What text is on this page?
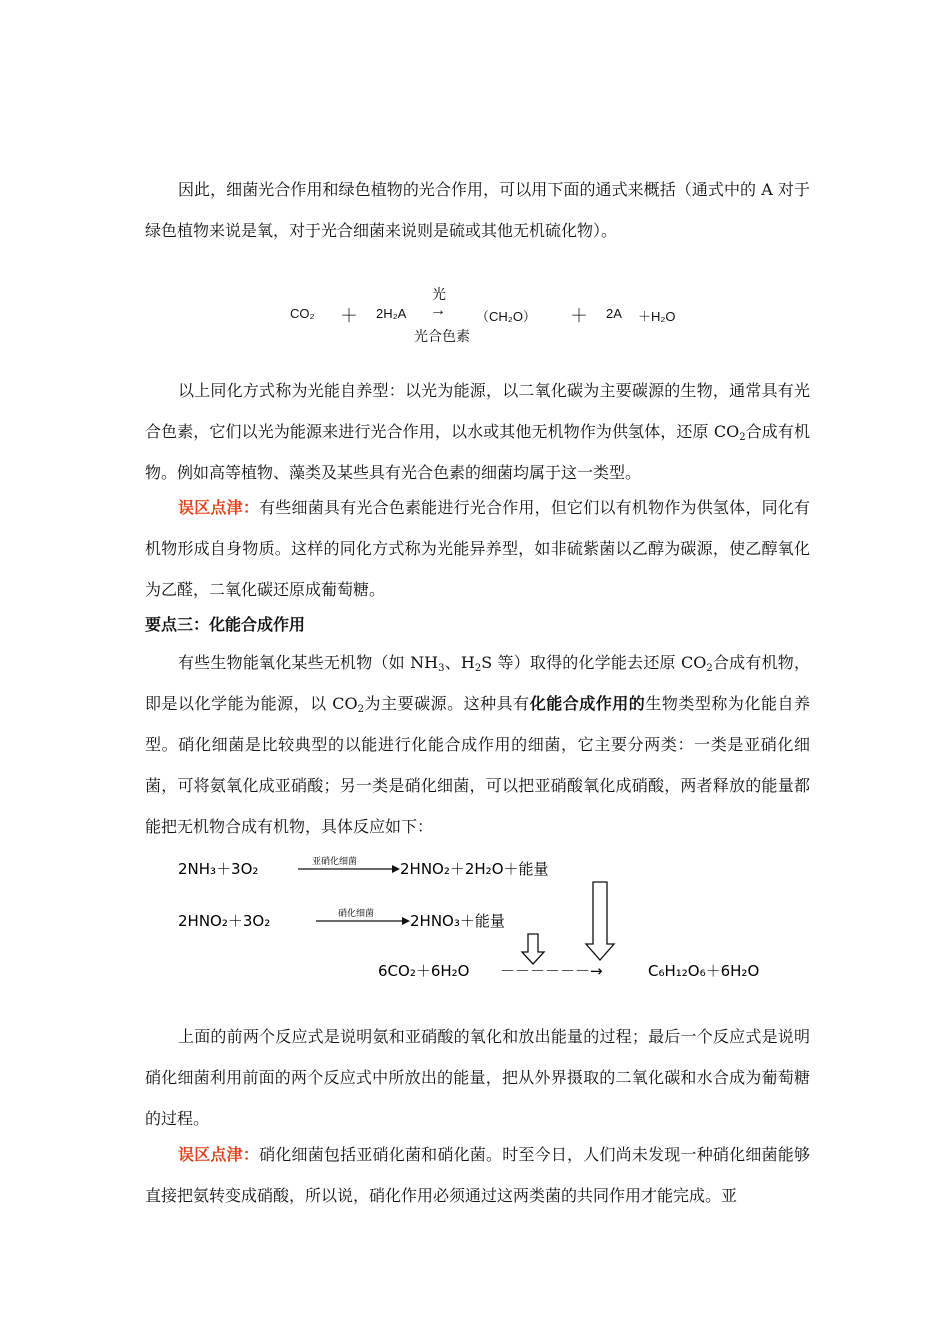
因此，细菌光合作用和绿色植物的光合作用，可以用下面的通式来概括（通式中的 A 对于绿色植物来说是氧，对于光合细菌来说则是硫或其他无机硫化物）。

CO₂ ＋ 2H₂A
光
→
光合色素
（CH₂O） ＋ 2A ＋H₂O

以上同化方式称为光能自养型：以光为能源，以二氧化碳为主要碳源的生物，通常具有光合色素，它们以光为能源来进行光合作用，以水或其他无机物作为供氢体，还原 $CO_2$合成有机物。例如高等植物、藻类及某些具有光合色素的细菌均属于这一类型。

误区点津：有些细菌具有光合色素能进行光合作用，但它们以有机物作为供氢体，同化有机物形成自身物质。这样的同化方式称为光能异养型，如非硫紫菌以乙醇为碳源，使乙醇氧化为乙醛，二氧化碳还原成葡萄糖。

要点三：化能合成作用

有些生物能氧化某些无机物（如 $NH_3$、$H_2S$ 等）取得的化学能去还原 $CO_2$合成有机物，即是以化学能为能源，以 $CO_2$为主要碳源。这种具有化能合成作用的生物类型称为化能自养型。硝化细菌是比较典型的以能进行化能合成作用的细菌，它主要分两类：一类是亚硝化细菌，可将氨氧化成亚硝酸；另一类是硝化细菌，可以把亚硝酸氧化成硝酸，两者释放的能量都能把无机物合成有机物，具体反应如下：

2NH₃＋3O₂	亚硝化细菌	2HNO₂＋2H₂O＋能量
2HNO₂＋3O₂	硝化细菌 2HNO₃＋能量
6CO₂＋6H₂O －－－－－－→	C₆H₁₂O₆＋6H₂O

上面的前两个反应式是说明氨和亚硝酸的氧化和放出能量的过程；最后一个反应式是说明硝化细菌利用前面的两个反应式中所放出的能量，把从外界摄取的二氧化碳和水合成为葡萄糖的过程。

误区点津：硝化细菌包括亚硝化菌和硝化菌。时至今日，人们尚未发现一种硝化细菌能够直接把氨转变成硝酸，所以说，硝化作用必须通过这两类菌的共同作用才能完成。亚
